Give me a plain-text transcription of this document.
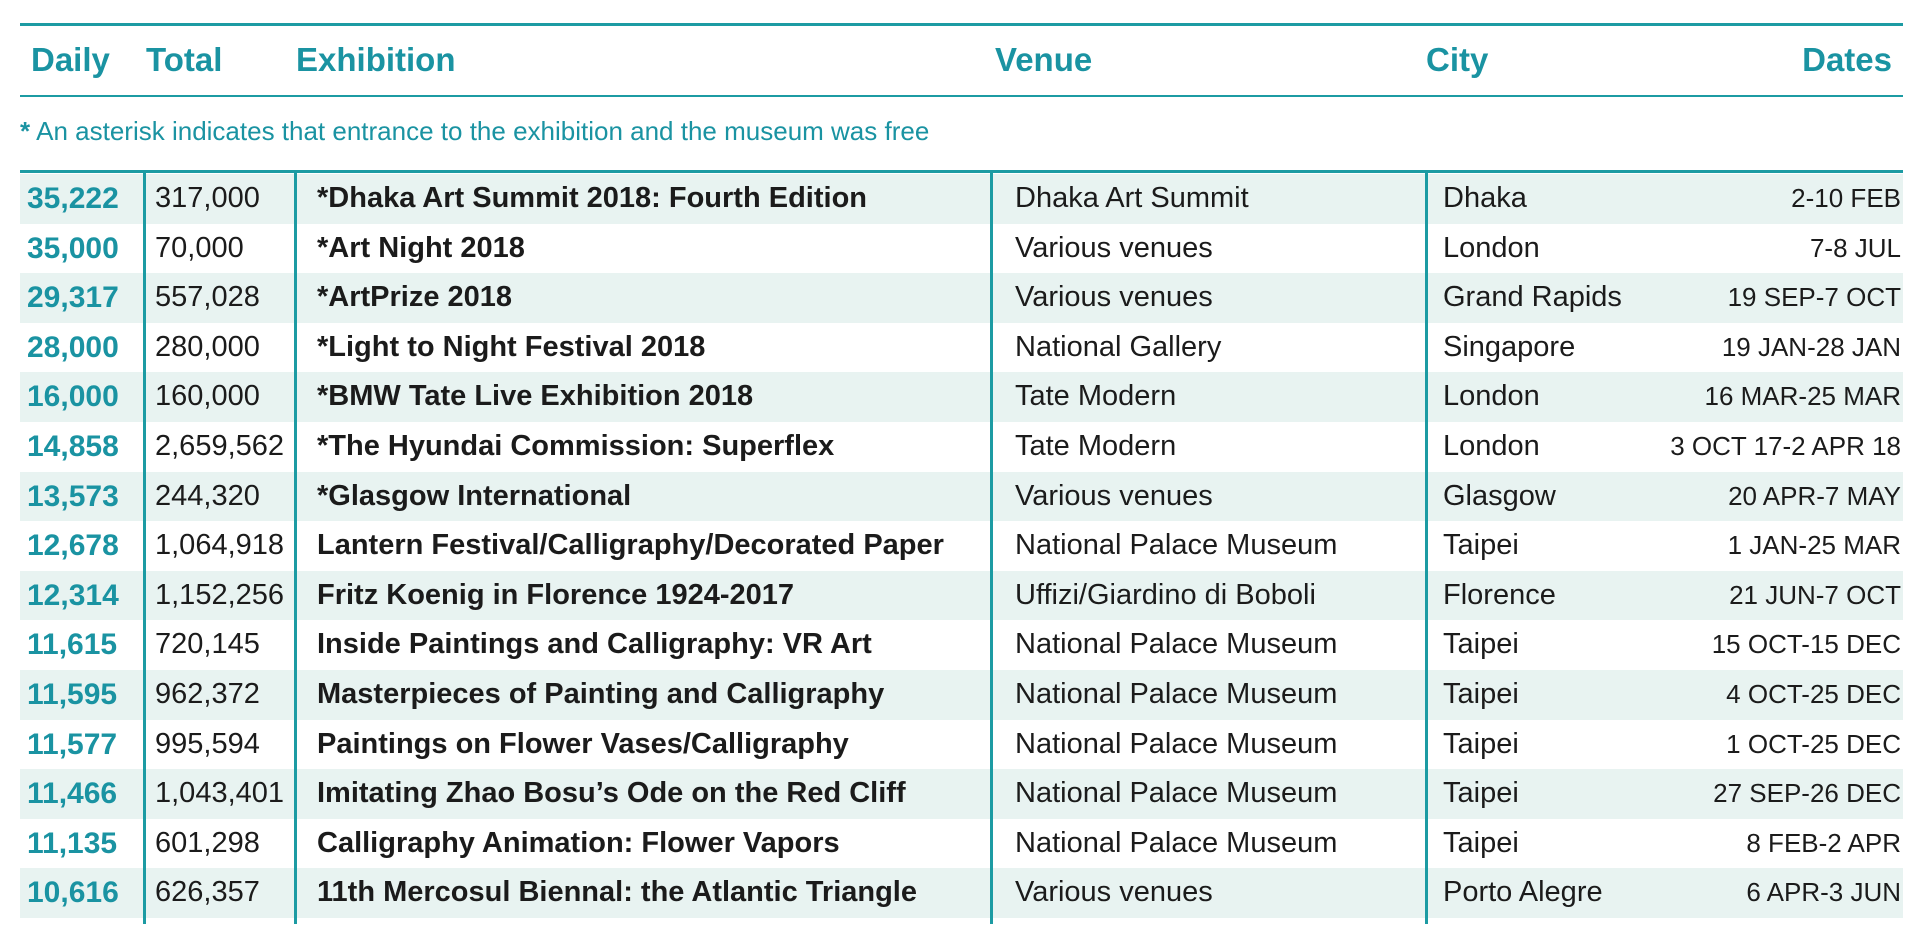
Daily Total Exhibition	Venue	City	Dates
* An asterisk indicates that entrance to the exhibition and the museum was free
35,222	317,000	*Dhaka Art Summit 2018: Fourth Edition	Dhaka Art Summit	Dhaka	2-10 FEB
35,000	70,000	*Art Night 2018	Various venues	London	7-8 JUL
29,317	557,028	*ArtPrize 2018	Various venues	Grand Rapids	19 SEP-7 OCT
28,000	280,000	*Light to Night Festival 2018	National Gallery	Singapore	19 JAN-28 JAN
16,000	160,000	*BMW Tate Live Exhibition 2018	Tate Modern	London	16 MAR-25 MAR
14,858	2,659,562	*The Hyundai Commission: Superflex	Tate Modern	London	3 OCT 17-2 APR 18
13,573	244,320	*Glasgow International	Various venues	Glasgow	20 APR-7 MAY
12,678	1,064,918	Lantern Festival/Calligraphy/Decorated Paper	National Palace Museum	Taipei	1 JAN-25 MAR
12,314	1,152,256	Fritz Koenig in Florence 1924-2017	Uffizi/Giardino di Boboli	Florence	21 JUN-7 OCT
11,615	720,145	Inside Paintings and Calligraphy: VR Art	National Palace Museum	Taipei	15 OCT-15 DEC
11,595	962,372	Masterpieces of Painting and Calligraphy	National Palace Museum	Taipei	4 OCT-25 DEC
11,577	995,594	Paintings on Flower Vases/Calligraphy	National Palace Museum	Taipei	1 OCT-25 DEC
11,466	1,043,401	Imitating Zhao Bosu’s Ode on the Red Cliff	National Palace Museum	Taipei	27 SEP-26 DEC
11,135	601,298	Calligraphy Animation: Flower Vapors	National Palace Museum	Taipei	8 FEB-2 APR
10,616	626,357	11th Mercosul Biennal: the Atlantic Triangle	Various venues	Porto Alegre	6 APR-3 JUN
